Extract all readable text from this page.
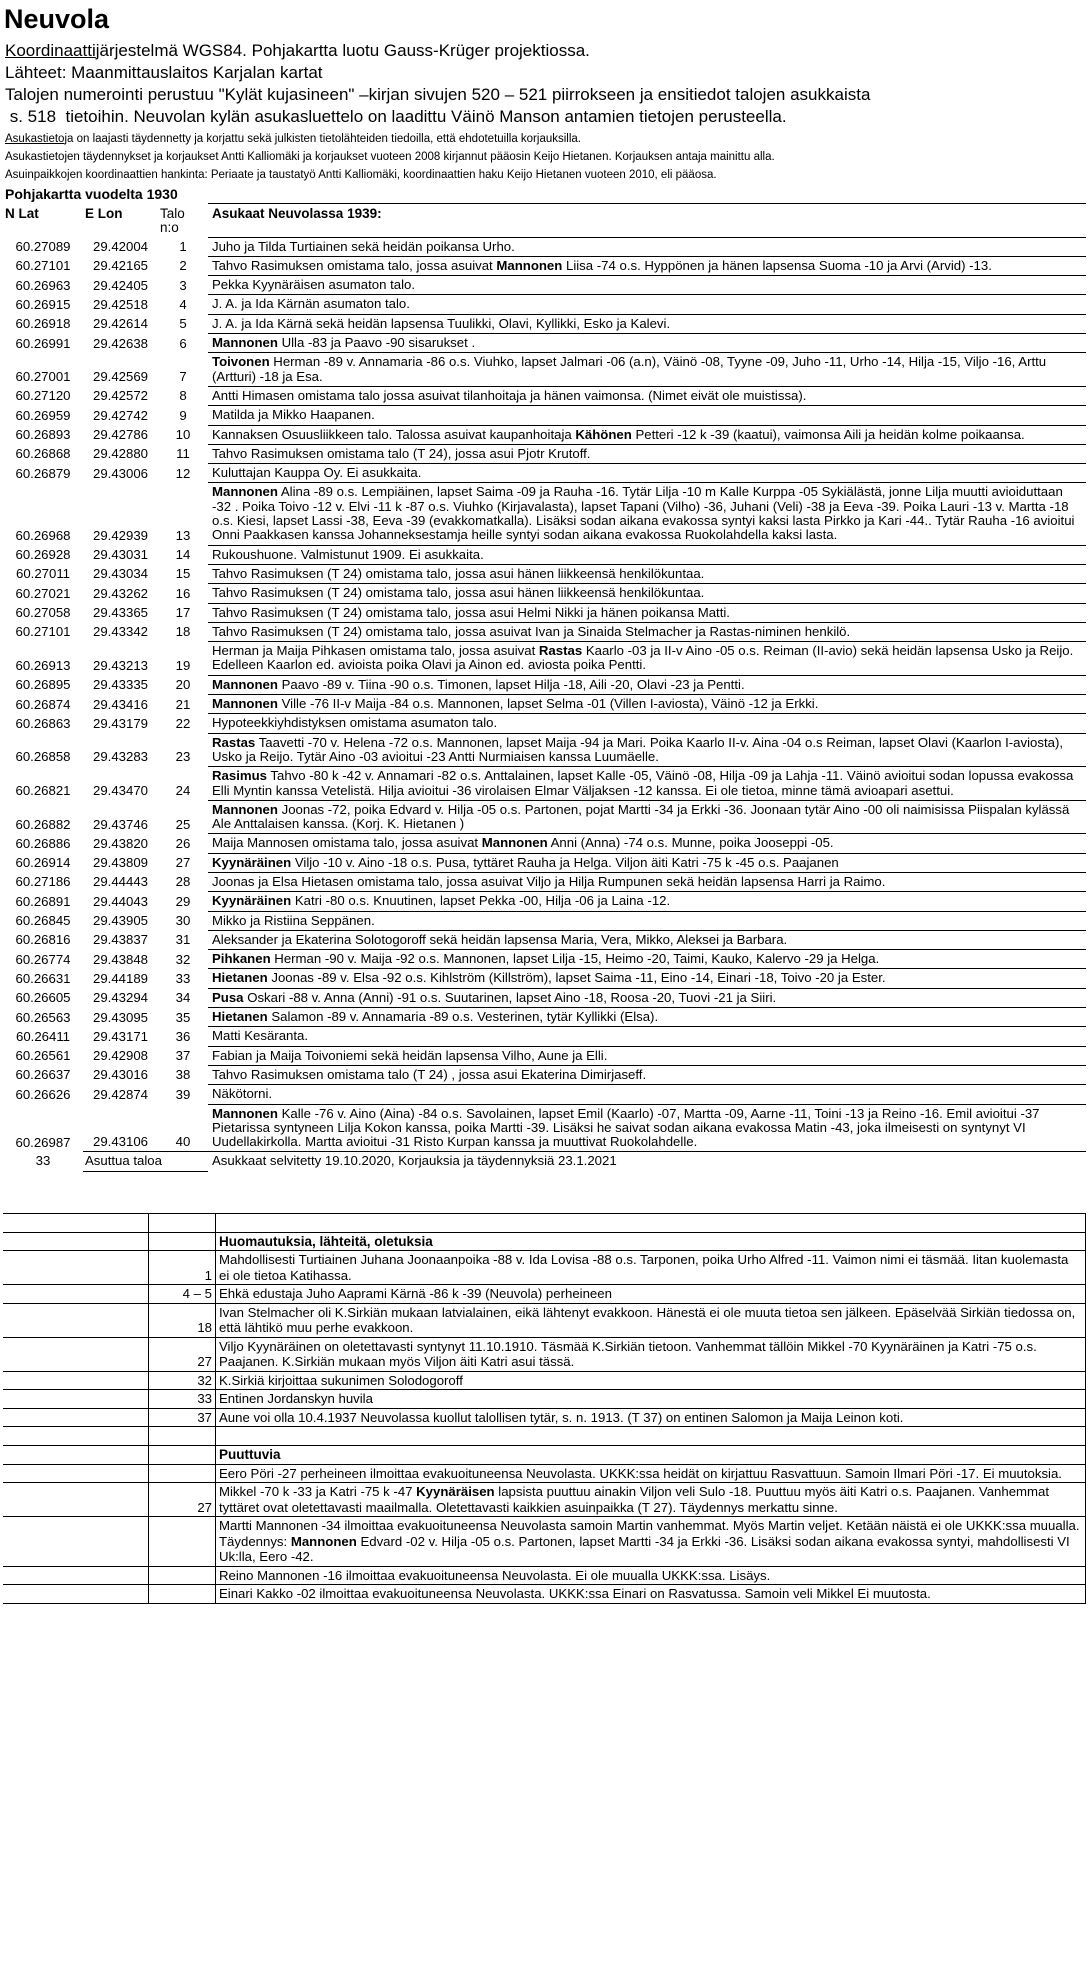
Neuvola
Koordinaattijärjestelmä WGS84. Pohjakartta luotu Gauss-Krüger projektiossa.
Lähteet: Maanmittauslaitos Karjalan kartat
Talojen numerointi perustuu "Kylät kujasineen" –kirjan sivujen 520 – 521 piirrokseen ja ensitiedot talojen asukkaista
s. 518  tietoihin. Neuvolan kylän asukasluettelo on laadittu Väinö Manson antamien tietojen perusteella.
Asukastietoja on laajasti täydennetty ja korjattu sekä julkisten tietolähteiden tiedoilla, että ehdotetuilla korjauksilla.
Asukastietojen täydennykset ja korjaukset Antti Kalliomäki ja korjaukset vuoteen 2008 kirjannut pääosin Keijo Hietanen. Korjauksen antaja mainittu alla.
Asuinpaikkojen koordinaattien hankinta: Periaate ja taustatyö Antti Kalliomäki, koordinaattien haku Keijo Hietanen vuoteen 2010, eli pääosa.
Pohjakartta vuodelta 1930
N Lat	E Lon	Talo n:o	Asukaat Neuvolassa 1939:
60.27089	29.42004	1	Juho ja Tilda Turtiainen sekä heidän poikansa Urho.
60.27101	29.42165	2	Tahvo Rasimuksen omistama talo, jossa asuivat Mannonen Liisa -74 o.s. Hyppönen ja hänen lapsensa Suoma -10 ja Arvi (Arvid) -13.
60.26963	29.42405	3	Pekka Kyynäräisen asumaton talo.
60.26915	29.42518	4	J. A. ja Ida Kärnän asumaton talo.
60.26918	29.42614	5	J. A. ja Ida Kärnä sekä heidän lapsensa Tuulikki, Olavi, Kyllikki, Esko ja Kalevi.
60.26991	29.42638	6	Mannonen Ulla -83 ja Paavo -90 sisarukset .
60.27001	29.42569	7	Toivonen Herman -89 v. Annamaria -86 o.s. Viuhko, lapset Jalmari -06 (a.n), Väinö -08, Tyyne -09, Juho -11, Urho -14, Hilja -15, Viljo -16, Arttu (Artturi) -18 ja Esa.
60.27120	29.42572	8	Antti Himasen omistama talo jossa asuivat tilanhoitaja ja hänen vaimonsa. (Nimet eivät ole muistissa).
60.26959	29.42742	9	Matilda ja Mikko Haapanen.
60.26893	29.42786	10	Kannaksen Osuusliikkeen talo. Talossa asuivat kaupanhoitaja Kähönen Petteri -12 k -39 (kaatui), vaimonsa Aili ja heidän kolme poikaansa.
60.26868	29.42880	11	Tahvo Rasimuksen omistama talo (T 24), jossa asui Pjotr Krutoff.
60.26879	29.43006	12	Kuluttajan Kauppa Oy. Ei asukkaita.
60.26968	29.42939	13	Mannonen Alina -89 o.s. Lempiäinen, lapset Saima -09 ja Rauha -16. Tytär Lilja -10 m Kalle Kurppa -05 Sykiälästä, jonne Lilja muutti avioiduttaan -32 . Poika Toivo -12 v. Elvi -11 k -87 o.s. Viuhko (Kirjavalasta), lapset Tapani (Vilho) -36, Juhani (Veli) -38 ja Eeva -39. Poika Lauri -13 v. Martta -18 o.s. Kiesi, lapset Lassi -38, Eeva -39 (evakkomatkalla). Lisäksi sodan aikana evakossa syntyi kaksi lasta Pirkko ja Kari -44.. Tytär Rauha -16 avioitui Onni Paakkasen kanssa Johanneksestamja heille syntyi sodan aikana evakossa Ruokolahdella kaksi lasta.
60.26928	29.43031	14	Rukoushuone. Valmistunut 1909. Ei asukkaita.
60.27011	29.43034	15	Tahvo Rasimuksen (T 24) omistama talo, jossa asui hänen liikkeensä henkilökuntaa.
60.27021	29.43262	16	Tahvo Rasimuksen (T 24) omistama talo, jossa asui hänen liikkeensä henkilökuntaa.
60.27058	29.43365	17	Tahvo Rasimuksen (T 24) omistama talo, jossa asui Helmi Nikki ja hänen poikansa Matti.
60.27101	29.43342	18	Tahvo Rasimuksen (T 24) omistama talo, jossa asuivat Ivan ja Sinaida Stelmacher ja Rastas-niminen henkilö.
60.26913	29.43213	19	Herman ja Maija Pihkasen omistama talo, jossa asuivat Rastas Kaarlo -03 ja II-v Aino -05 o.s. Reiman (II-avio) sekä heidän lapsensa Usko ja Reijo. Edelleen Kaarlon ed. avioista poika Olavi ja Ainon ed. aviosta poika Pentti.
60.26895	29.43335	20	Mannonen Paavo -89 v. Tiina -90 o.s. Timonen, lapset Hilja -18, Aili -20, Olavi -23 ja Pentti.
60.26874	29.43416	21	Mannonen Ville -76 II-v Maija -84 o.s. Mannonen, lapset Selma -01 (Villen I-aviosta), Väinö -12 ja Erkki.
60.26863	29.43179	22	Hypoteekkiyhdistyksen omistama asumaton talo.
60.26858	29.43283	23	Rastas Taavetti -70 v. Helena -72 o.s. Mannonen, lapset Maija -94 ja Mari. Poika Kaarlo II-v. Aina -04 o.s Reiman, lapset Olavi (Kaarlon I-aviosta), Usko ja Reijo. Tytär Aino -03 avioitui -23 Antti Nurmiaisen kanssa Luumäelle.
60.26821	29.43470	24	Rasimus Tahvo -80 k -42 v. Annamari -82 o.s. Anttalainen, lapset Kalle -05, Väinö -08, Hilja -09 ja Lahja -11. Väinö avioitui sodan lopussa evakossa Elli Myntin kanssa Vetelistä. Hilja avioitui -36 virolaisen Elmar Väljaksen -12 kanssa. Ei ole tietoa, minne tämä avioapari asettui.
60.26882	29.43746	25	Mannonen Joonas -72, poika Edvard v. Hilja -05 o.s. Partonen, pojat Martti -34 ja Erkki -36. Joonaan tytär Aino -00 oli naimisissa Piispalan kylässä Ale Anttalaisen kanssa. (Korj. K. Hietanen )
60.26886	29.43820	26	Maija Mannosen omistama talo, jossa asuivat Mannonen Anni (Anna) -74 o.s. Munne, poika Jooseppi -05.
60.26914	29.43809	27	Kyynäräinen Viljo -10 v. Aino -18 o.s. Pusa, tyttäret Rauha ja Helga. Viljon äiti Katri -75 k -45 o.s. Paajanen
60.27186	29.44443	28	Joonas ja Elsa Hietasen omistama talo, jossa asuivat Viljo ja Hilja Rumpunen sekä heidän lapsensa Harri ja Raimo.
60.26891	29.44043	29	Kyynäräinen Katri -80 o.s. Knuutinen, lapset Pekka -00, Hilja -06 ja Laina -12.
60.26845	29.43905	30	Mikko ja Ristiina Seppänen.
60.26816	29.43837	31	Aleksander ja Ekaterina Solotogoroff sekä heidän lapsensa Maria, Vera, Mikko, Aleksei ja Barbara.
60.26774	29.43848	32	Pihkanen Herman -90 v. Maija -92 o.s. Mannonen, lapset Lilja -15, Heimo -20, Taimi, Kauko, Kalervo -29 ja Helga.
60.26631	29.44189	33	Hietanen Joonas -89 v. Elsa -92 o.s. Kihlström (Killström), lapset Saima -11, Eino -14, Einari -18, Toivo -20 ja Ester.
60.26605	29.43294	34	Pusa Oskari -88 v. Anna (Anni) -91 o.s. Suutarinen, lapset Aino -18, Roosa -20, Tuovi -21 ja Siiri.
60.26563	29.43095	35	Hietanen Salamon -89 v. Annamaria -89 o.s. Vesterinen, tytär Kyllikki (Elsa).
60.26411	29.43171	36	Matti Kesäranta.
60.26561	29.42908	37	Fabian ja Maija Toivoniemi sekä heidän lapsensa Vilho, Aune ja Elli.
60.26637	29.43016	38	Tahvo Rasimuksen omistama talo (T 24) , jossa asui Ekaterina Dimirjaseff.
60.26626	29.42874	39	Näkötorni.
60.26987	29.43106	40	Mannonen Kalle -76 v. Aino (Aina) -84 o.s. Savolainen, lapset Emil (Kaarlo) -07, Martta -09, Aarne -11, Toini -13 ja Reino -16. Emil avioitui -37 Pietarissa syntyneen Lilja Kokon kanssa, poika Martti -39. Lisäksi he saivat sodan aikana evakossa Matin -43, joka ilmeisesti on syntynyt VI Uudellakirkolla. Martta avioitui -31 Risto Kurpan kanssa ja muuttivat Ruokolahdelle.
33	Asuttua taloa		Asukkaat selvitetty 19.10.2020, Korjauksia ja täydennyksiä 23.1.2021

		Huomautuksia, lähteitä, oletuksia
	1	Mahdollisesti Turtiainen Juhana Joonaanpoika -88 v. Ida Lovisa -88 o.s. Tarponen, poika Urho Alfred -11. Vaimon nimi ei täsmää. Iitan kuolemasta ei ole tietoa Katihassa.
	4 – 5	Ehkä edustaja Juho Aaprami Kärnä -86 k -39 (Neuvola) perheineen
	18	Ivan Stelmacher oli K.Sirkiän mukaan latvialainen, eikä lähtenyt evakkoon. Hänestä ei ole muuta tietoa sen jälkeen. Epäselvää Sirkiän tiedossa on, että lähtikö muu perhe evakkoon.
	27	Viljo Kyynäräinen on oletettavasti syntynyt 11.10.1910. Täsmää K.Sirkiän tietoon. Vanhemmat tällöin Mikkel -70 Kyynäräinen ja Katri -75 o.s. Paajanen. K.Sirkiän mukaan myös Viljon äiti Katri asui tässä.
	32	K.Sirkiä kirjoittaa sukunimen Solodogoroff
	33	Entinen Jordanskyn huvila
	37	Aune voi olla 10.4.1937 Neuvolassa kuollut talollisen tytär, s. n. 1913. (T 37) on entinen Salomon ja Maija Leinon koti.

		Puuttuvia
		Eero Pöri -27 perheineen ilmoittaa evakuoituneensa Neuvolasta. UKKK:ssa heidät on kirjattuu Rasvattuun. Samoin Ilmari Pöri -17. Ei muutoksia.
	27	Mikkel -70 k -33 ja Katri -75 k -47 Kyynäräisen lapsista puuttuu ainakin Viljon veli Sulo -18. Puuttuu myös äiti Katri o.s. Paajanen. Vanhemmat tyttäret ovat oletettavasti maailmalla. Oletettavasti kaikkien asuinpaikka (T 27). Täydennys merkattu sinne.
		Martti Mannonen -34 ilmoittaa evakuoituneensa Neuvolasta samoin Martin vanhemmat. Myös Martin veljet. Ketään näistä ei ole UKKK:ssa muualla. Täydennys: Mannonen Edvard -02 v. Hilja -05 o.s. Partonen, lapset Martti -34 ja Erkki -36. Lisäksi sodan aikana evakossa syntyi, mahdollisesti VI Uk:lla, Eero -42.
		Reino Mannonen -16 ilmoittaa evakuoituneensa Neuvolasta. Ei ole muualla UKKK:ssa. Lisäys.
		Einari Kakko -02 ilmoittaa evakuoituneensa Neuvolasta. UKKK:ssa Einari on Rasvatussa. Samoin veli Mikkel Ei muutosta.
